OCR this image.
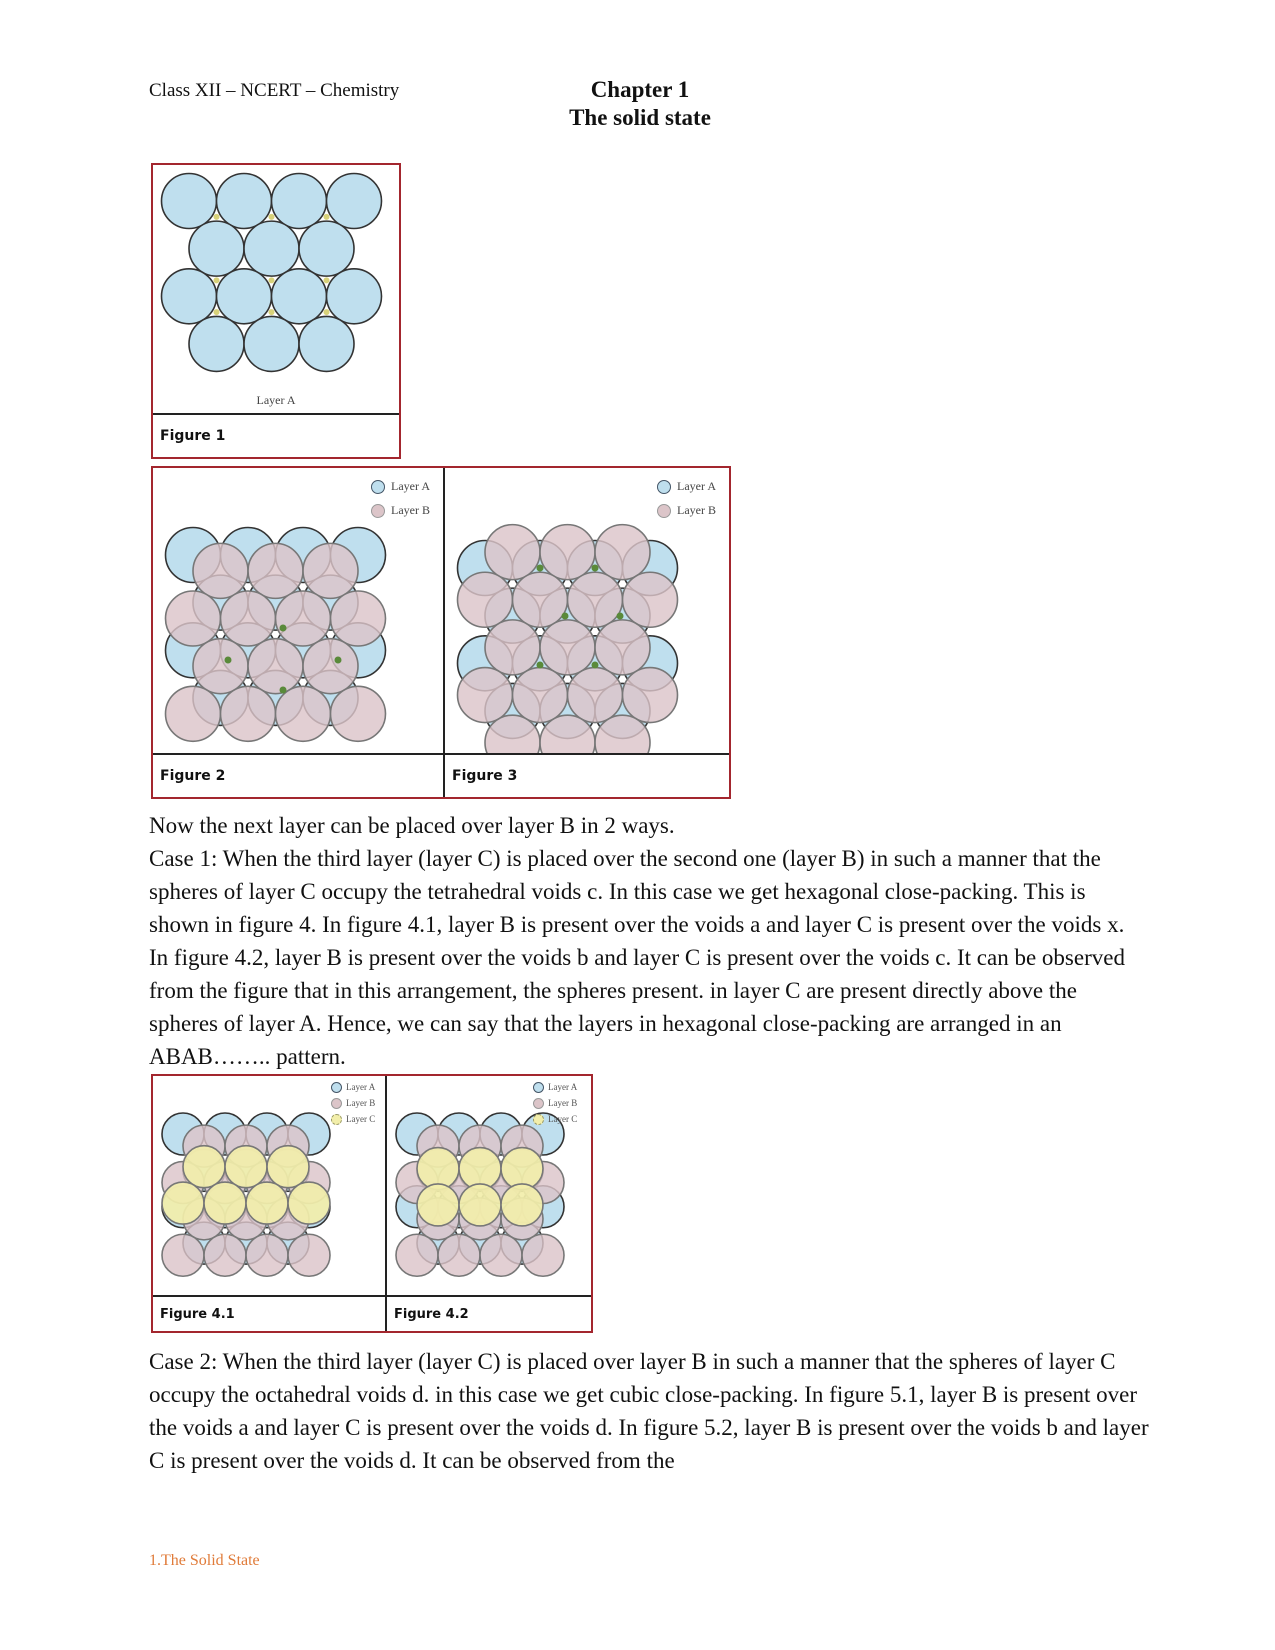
Class XII – NCERT – Chemistry	Chapter 1
The solid state
Layer A
Figure 1
Layer A
Layer B
Figure 2
Layer A
Layer B
Figure 3

Now the next layer can be placed over layer B in 2 ways.

Case 1: When the third layer (layer C) is placed over the second one (layer B) in such a manner that the spheres of layer C occupy the tetrahedral voids c. In this case we get hexagonal close-packing. This is shown in figure 4. In figure 4.1, layer B is present over the voids a and layer C is present over the voids x. In figure 4.2, layer B is present over the voids b and layer C is present over the voids c. It can be observed from the figure that in this arrangement, the spheres present. in layer C are present directly above the spheres of layer A. Hence, we can say that the layers in hexagonal close-packing are arranged in an ABAB…….. pattern.

Layer A
Layer B
Layer C
Figure 4.1
Layer A
Layer B
Layer C
Figure 4.2

Case 2: When the third layer (layer C) is placed over layer B in such a manner that the spheres of layer C occupy the octahedral voids d. in this case we get cubic close-packing. In figure 5.1, layer B is present over the voids a and layer C is present over the voids d. In figure 5.2, layer B is present over the voids b and layer C is present over the voids d. It can be observed from the

1.The Solid State
